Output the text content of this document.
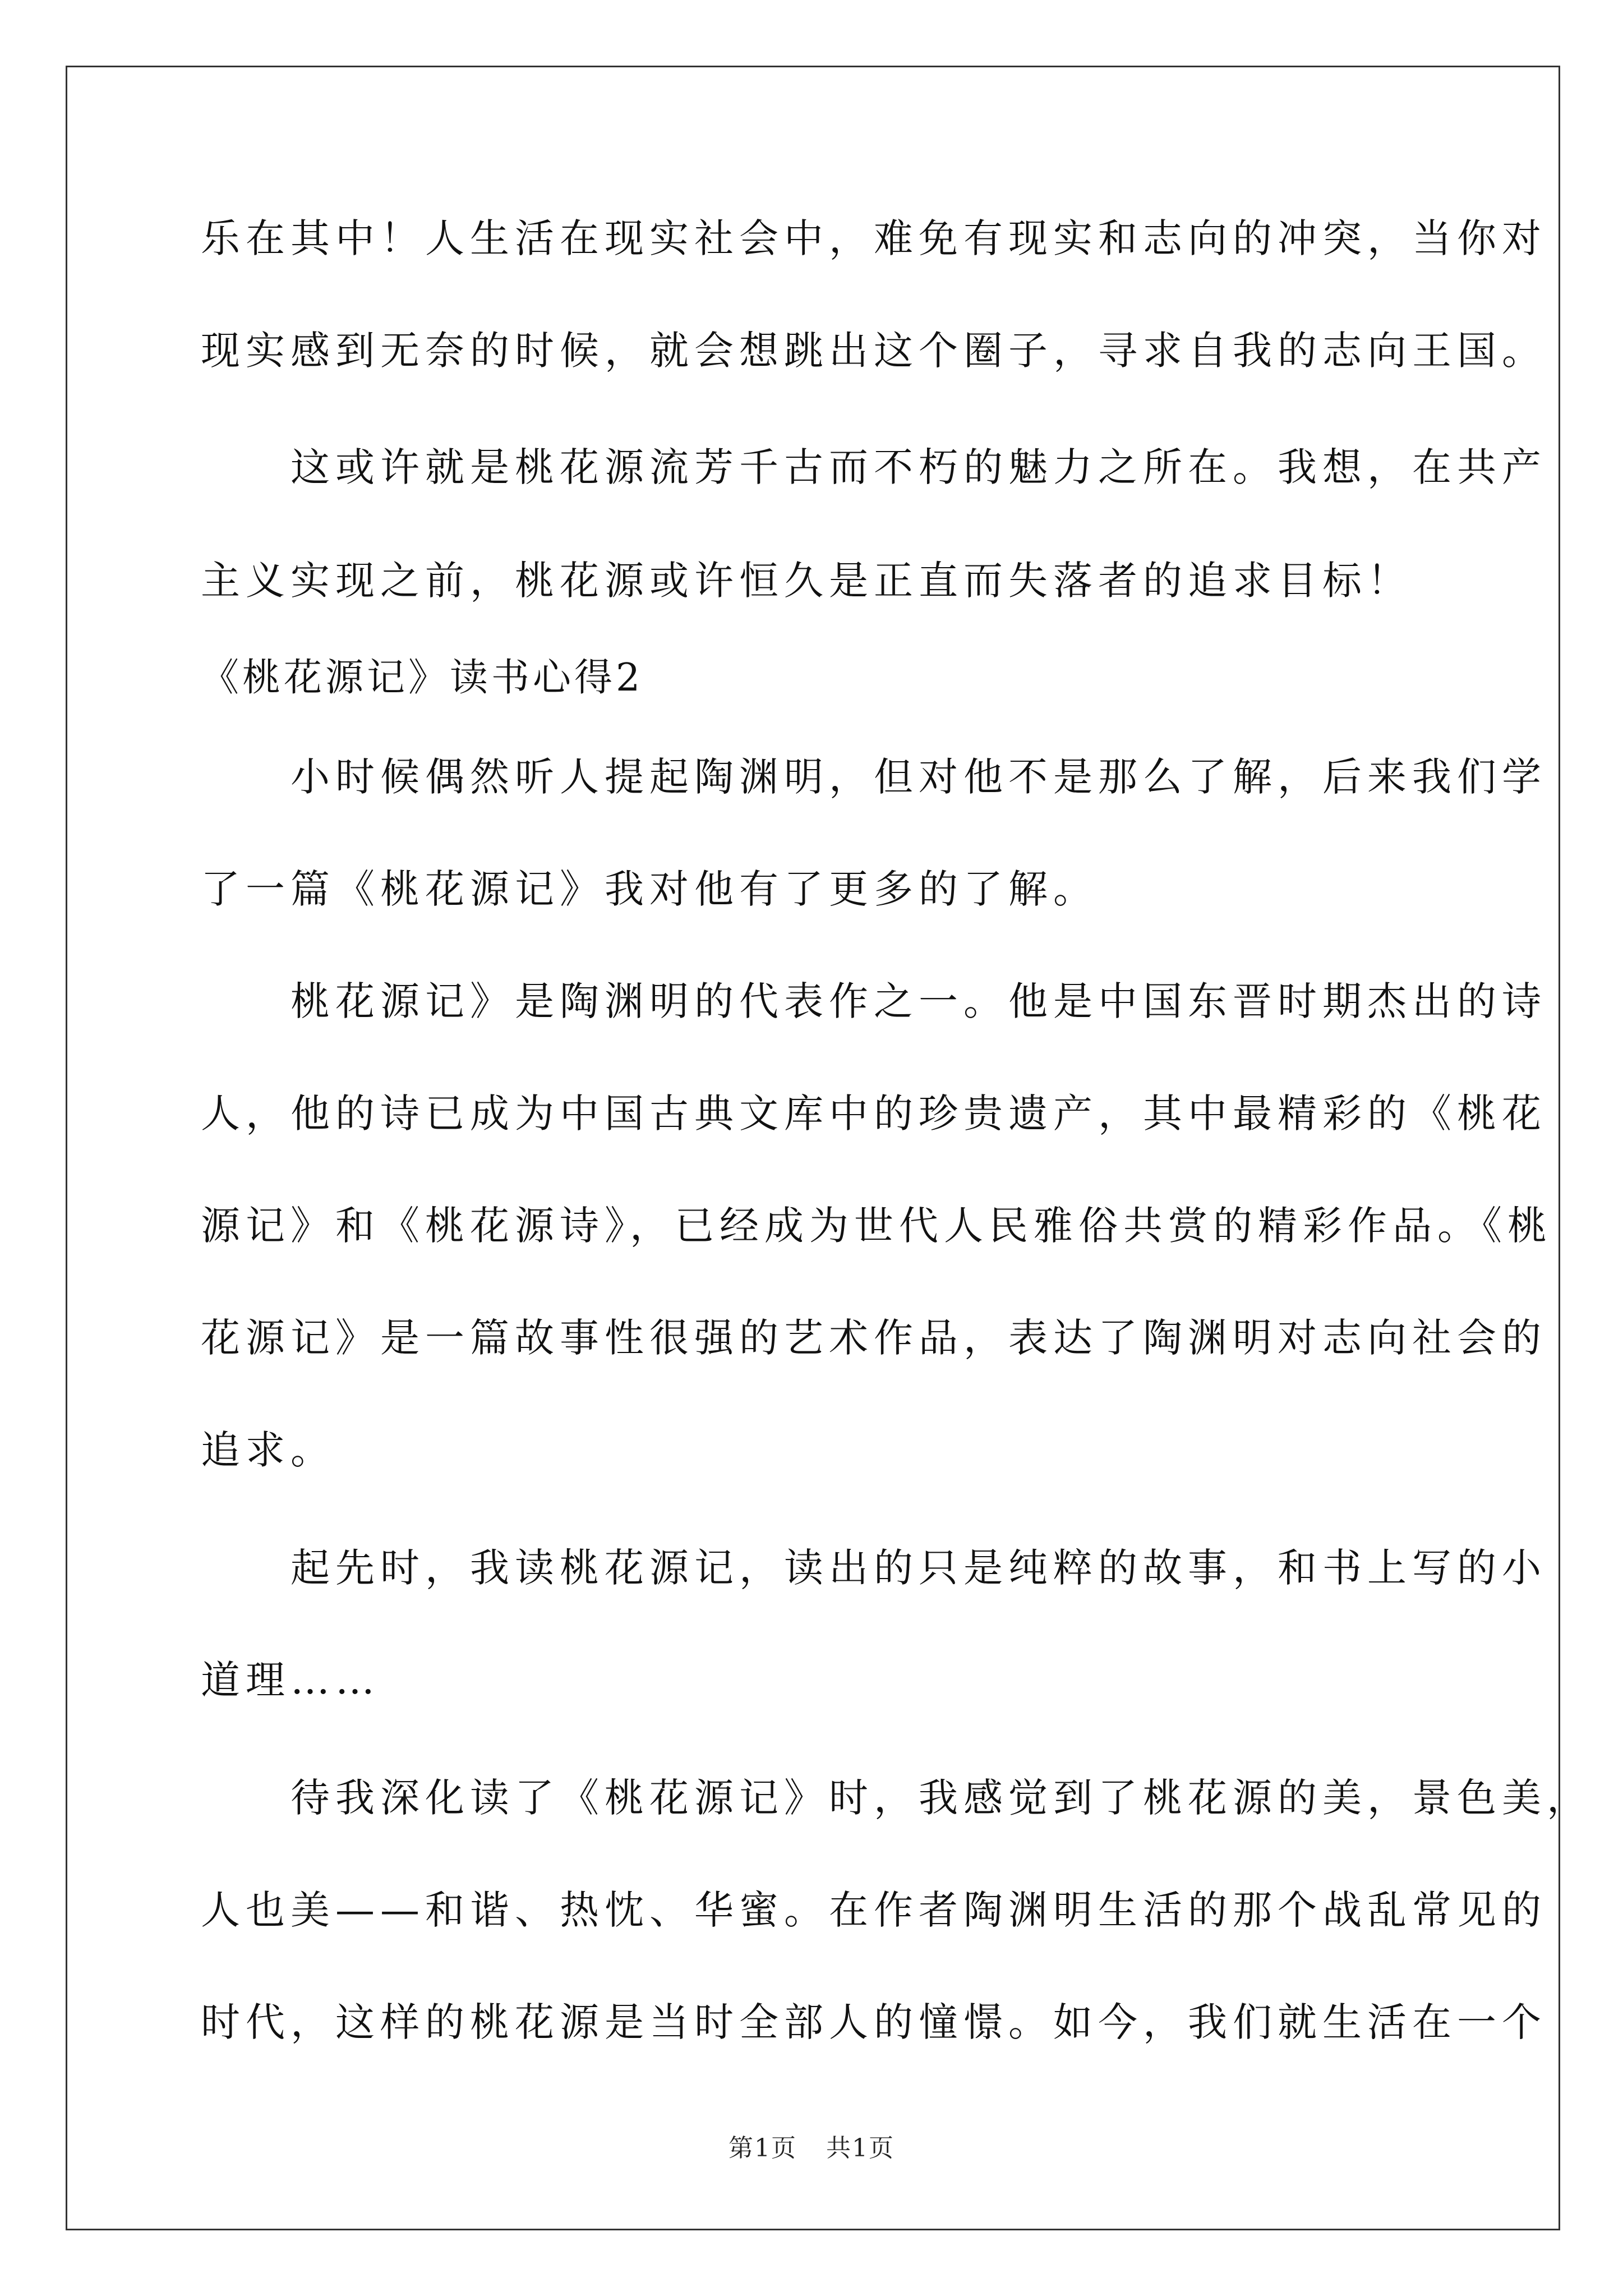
乐在其中！人生活在现实社会中，难免有现实和志向的冲突，当你对
现实感到无奈的时候，就会想跳出这个圈子，寻求自我的志向王国。
　　这或许就是桃花源流芳千古而不朽的魅力之所在。我想，在共产
主义实现之前，桃花源或许恒久是正直而失落者的追求目标！
《桃花源记》读书心得2
　　小时候偶然听人提起陶渊明，但对他不是那么了解，后来我们学
了一篇《桃花源记》我对他有了更多的了解。
　　桃花源记》是陶渊明的代表作之一。他是中国东晋时期杰出的诗
人，他的诗已成为中国古典文库中的珍贵遗产，其中最精彩的《桃花
源记》和《桃花源诗》，已经成为世代人民雅俗共赏的精彩作品。《桃
花源记》是一篇故事性很强的艺术作品，表达了陶渊明对志向社会的
追求。
　　起先时，我读桃花源记，读出的只是纯粹的故事，和书上写的小
道理……
　　待我深化读了《桃花源记》时，我感觉到了桃花源的美，景色美，
人也美——和谐、热忱、华蜜。在作者陶渊明生活的那个战乱常见的
时代，这样的桃花源是当时全部人的憧憬。如今，我们就生活在一个
第1页 共1页
